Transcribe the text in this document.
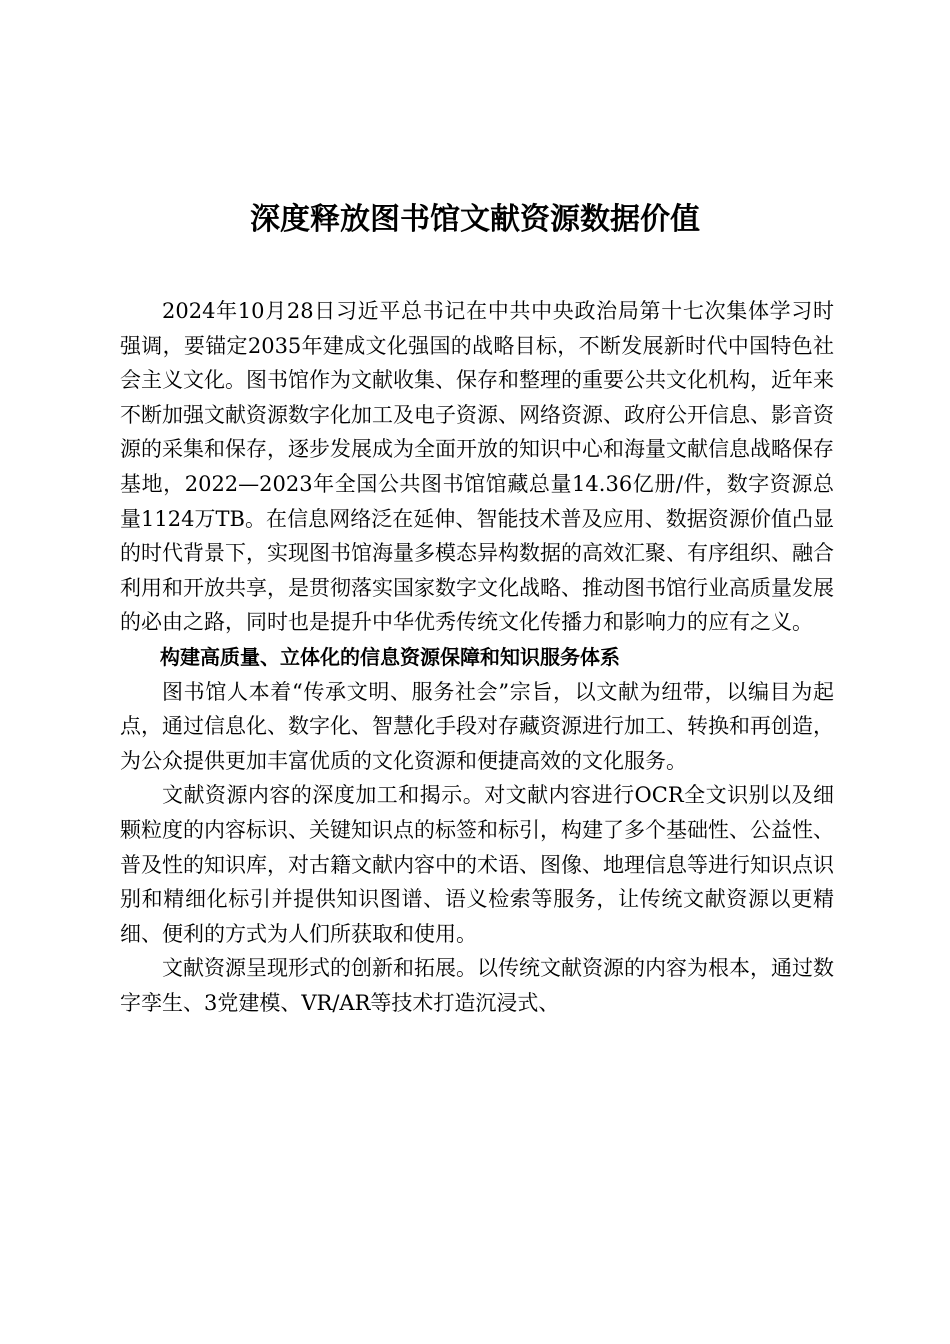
深度释放图书馆文献资源数据价值

2024年10月28日习近平总书记在中共中央政治局第十七次集体学习时强调，要锚定2035年建成文化强国的战略目标，不断发展新时代中国特色社会主义文化。图书馆作为文献收集、保存和整理的重要公共文化机构，近年来不断加强文献资源数字化加工及电子资源、网络资源、政府公开信息、影音资源的采集和保存，逐步发展成为全面开放的知识中心和海量文献信息战略保存基地，2022—2023年全国公共图书馆馆藏总量14.36亿册/件，数字资源总量1124万TB。在信息网络泛在延伸、智能技术普及应用、数据资源价值凸显的时代背景下，实现图书馆海量多模态异构数据的高效汇聚、有序组织、融合利用和开放共享，是贯彻落实国家数字文化战略、推动图书馆行业高质量发展的必由之路，同时也是提升中华优秀传统文化传播力和影响力的应有之义。

构建高质量、立体化的信息资源保障和知识服务体系

图书馆人本着“传承文明、服务社会”宗旨，以文献为纽带，以编目为起点，通过信息化、数字化、智慧化手段对存藏资源进行加工、转换和再创造，为公众提供更加丰富优质的文化资源和便捷高效的文化服务。

文献资源内容的深度加工和揭示。对文献内容进行OCR全文识别以及细颗粒度的内容标识、关键知识点的标签和标引，构建了多个基础性、公益性、普及性的知识库，对古籍文献内容中的术语、图像、地理信息等进行知识点识别和精细化标引并提供知识图谱、语义检索等服务，让传统文献资源以更精细、便利的方式为人们所获取和使用。

文献资源呈现形式的创新和拓展。以传统文献资源的内容为根本，通过数字孪生、3党建模、VR/AR等技术打造沉浸式、
